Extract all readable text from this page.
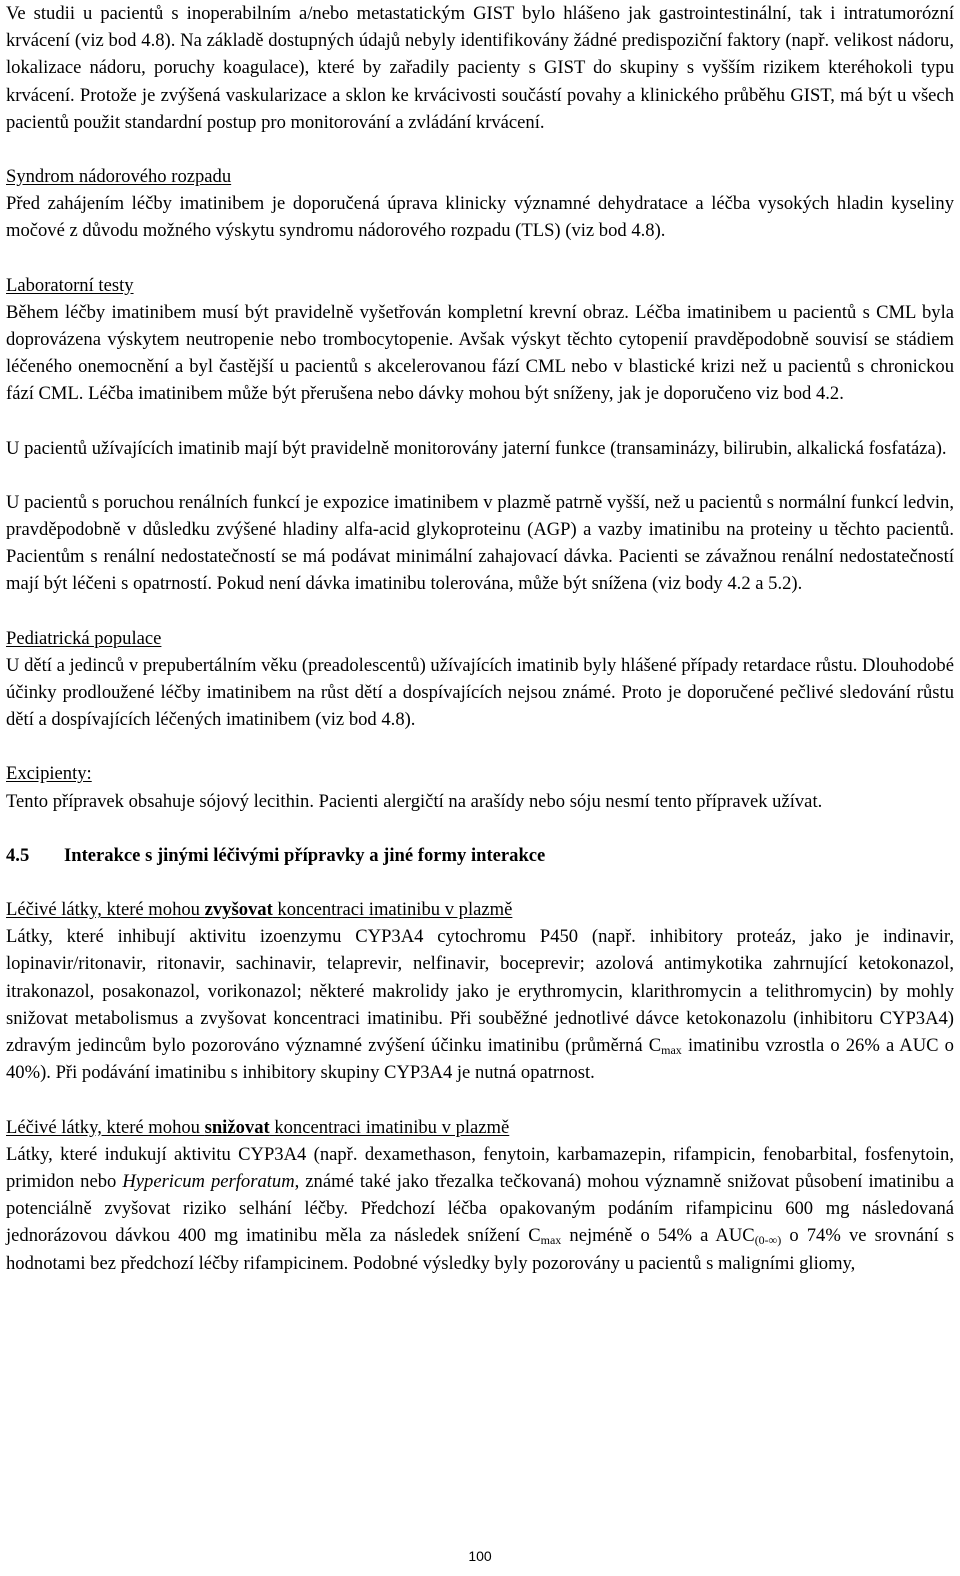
Ve studii u pacientů s inoperabilním a/nebo metastatickým GIST bylo hlášeno jak gastrointestinální, tak i intratumorózní krvácení (viz bod 4.8). Na základě dostupných údajů nebyly identifikovány žádné predispoziční faktory (např. velikost nádoru, lokalizace nádoru, poruchy koagulace), které by zařadily pacienty s GIST do skupiny s vyšším rizikem kteréhokoli typu krvácení. Protože je zvýšená vaskularizace a sklon ke krvácivosti součástí povahy a klinického průběhu GIST, má být u všech pacientů použit standardní postup pro monitorování a zvládání krvácení.

Syndrom nádorového rozpadu

Před zahájením léčby imatinibem je doporučená úprava klinicky významné dehydratace a léčba vysokých hladin kyseliny močové z důvodu možného výskytu syndromu nádorového rozpadu (TLS) (viz bod 4.8).

Laboratorní testy

Během léčby imatinibem musí být pravidelně vyšetřován kompletní krevní obraz. Léčba imatinibem u pacientů s CML byla doprovázena výskytem neutropenie nebo trombocytopenie. Avšak výskyt těchto cytopenií pravděpodobně souvisí se stádiem léčeného onemocnění a byl častější u pacientů s akcelerovanou fází CML nebo v blastické krizi než u pacientů s chronickou fází CML. Léčba imatinibem může být přerušena nebo dávky mohou být sníženy, jak je doporučeno viz bod 4.2.

U pacientů užívajících imatinib mají být pravidelně monitorovány jaterní funkce (transaminázy, bilirubin, alkalická fosfatáza).

U pacientů s poruchou renálních funkcí je expozice imatinibem v plazmě patrně vyšší, než u pacientů s normální funkcí ledvin, pravděpodobně v důsledku zvýšené hladiny alfa-acid glykoproteinu (AGP) a vazby imatinibu na proteiny u těchto pacientů. Pacientům s renální nedostatečností se má podávat minimální zahajovací dávka. Pacienti se závažnou renální nedostatečností mají být léčeni s opatrností. Pokud není dávka imatinibu tolerována, může být snížena (viz body 4.2 a 5.2).

Pediatrická populace

U dětí a jedinců v prepubertálním věku (preadolescentů) užívajících imatinib byly hlášené případy retardace růstu. Dlouhodobé účinky prodloužené léčby imatinibem na růst dětí a dospívajících nejsou známé. Proto je doporučené pečlivé sledování růstu dětí a dospívajících léčených imatinibem (viz bod 4.8).

Excipienty:

Tento přípravek obsahuje sójový lecithin. Pacienti alergičtí na arašídy nebo sóju nesmí tento přípravek užívat.

4.5 Interakce s jinými léčivými přípravky a jiné formy interakce

Léčivé látky, které mohou zvyšovat koncentraci imatinibu v plazmě

Látky, které inhibují aktivitu izoenzymu CYP3A4 cytochromu P450 (např. inhibitory proteáz, jako je indinavir, lopinavir/ritonavir, ritonavir, sachinavir, telaprevir, nelfinavir, boceprevir; azolová antimykotika zahrnující ketokonazol, itrakonazol, posakonazol, vorikonazol; některé makrolidy jako je erythromycin, klarithromycin a telithromycin) by mohly snižovat metabolismus a zvyšovat koncentraci imatinibu. Při souběžné jednotlivé dávce ketokonazolu (inhibitoru CYP3A4) zdravým jedincům bylo pozorováno významné zvýšení účinku imatinibu (průměrná $C_{max}$ imatinibu vzrostla o 26% a AUC o 40%). Při podávání imatinibu s inhibitory skupiny CYP3A4 je nutná opatrnost.

Léčivé látky, které mohou snižovat koncentraci imatinibu v plazmě

Látky, které indukují aktivitu CYP3A4 (např. dexamethason, fenytoin, karbamazepin, rifampicin, fenobarbital, fosfenytoin, primidon nebo Hypericum perforatum, známé také jako třezalka tečkovaná) mohou významně snižovat působení imatinibu a potenciálně zvyšovat riziko selhání léčby. Předchozí léčba opakovaným podáním rifampicinu 600 mg následovaná jednorázovou dávkou 400 mg imatinibu měla za následek snížení $C_{max}$ nejméně o 54% a $AUC_{(0-\infty)}$ o 74% ve srovnání s hodnotami bez předchozí léčby rifampicinem. Podobné výsledky byly pozorovány u pacientů s maligními gliomy,

100
